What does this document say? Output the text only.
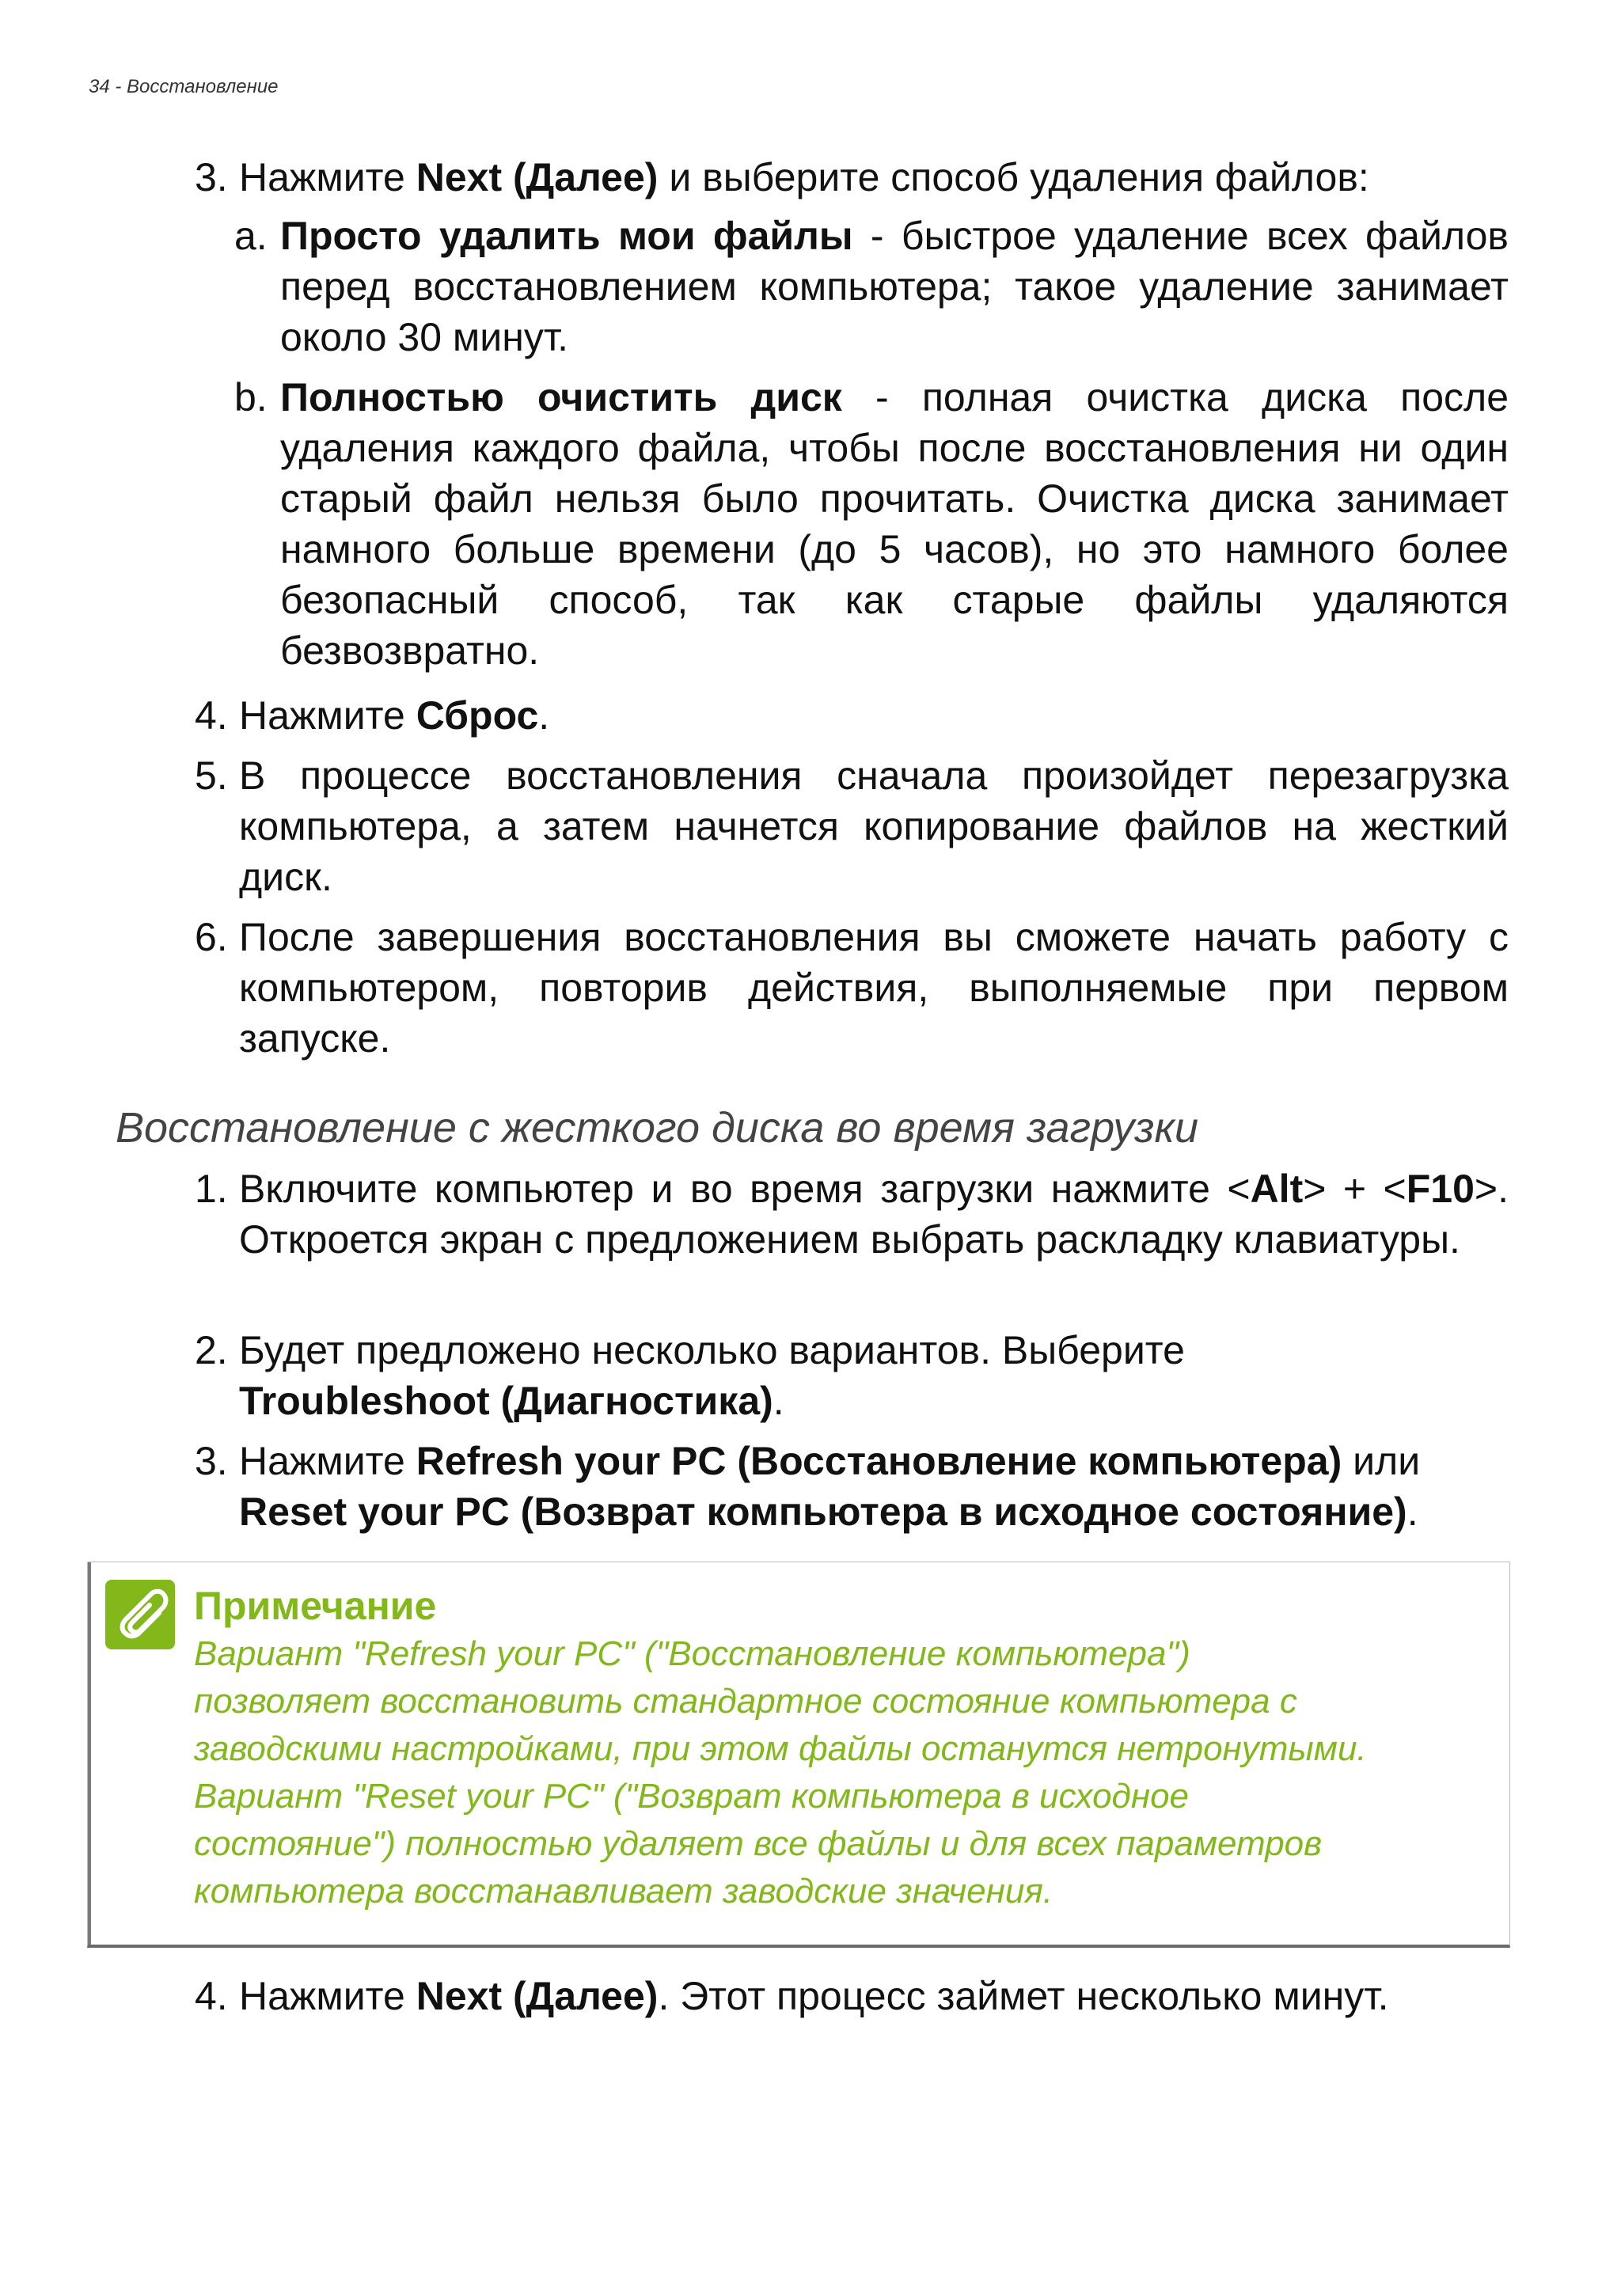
34 - Восстановление
3. Нажмите Next (Далее) и выберите способ удаления файлов:
a. Просто удалить мои файлы - быстрое удаление всех файлов перед восстановлением компьютера; такое удаление занимает около 30 минут.
b. Полностью очистить диск - полная очистка диска после удаления каждого файла, чтобы после восстановления ни один старый файл нельзя было прочитать. Очистка диска занимает намного больше времени (до 5 часов), но это намного более безопасный способ, так как старые файлы удаляются безвозвратно.
4. Нажмите Сброс.
5. В процессе восстановления сначала произойдет перезагрузка компьютера, а затем начнется копирование файлов на жесткий диск.
6. После завершения восстановления вы сможете начать работу с компьютером, повторив действия, выполняемые при первом запуске.
Восстановление с жесткого диска во время загрузки
1. Включите компьютер и во время загрузки нажмите <Alt> + <F10>. Откроется экран с предложением выбрать раскладку клавиатуры.
2. Будет предложено несколько вариантов. Выберите
Troubleshoot (Диагностика).
3. Нажмите Refresh your PC (Восстановление компьютера) или
Reset your PC (Возврат компьютера в исходное состояние).
Примечание
Вариант "Refresh your PC" ("Восстановление компьютера")
позволяет восстановить стандартное состояние компьютера с
заводскими настройками, при этом файлы останутся нетронутыми.
Вариант "Reset your PC" ("Возврат компьютера в исходное
состояние") полностью удаляет все файлы и для всех параметров
компьютера восстанавливает заводские значения.
4. Нажмите Next (Далее). Этот процесс займет несколько минут.
